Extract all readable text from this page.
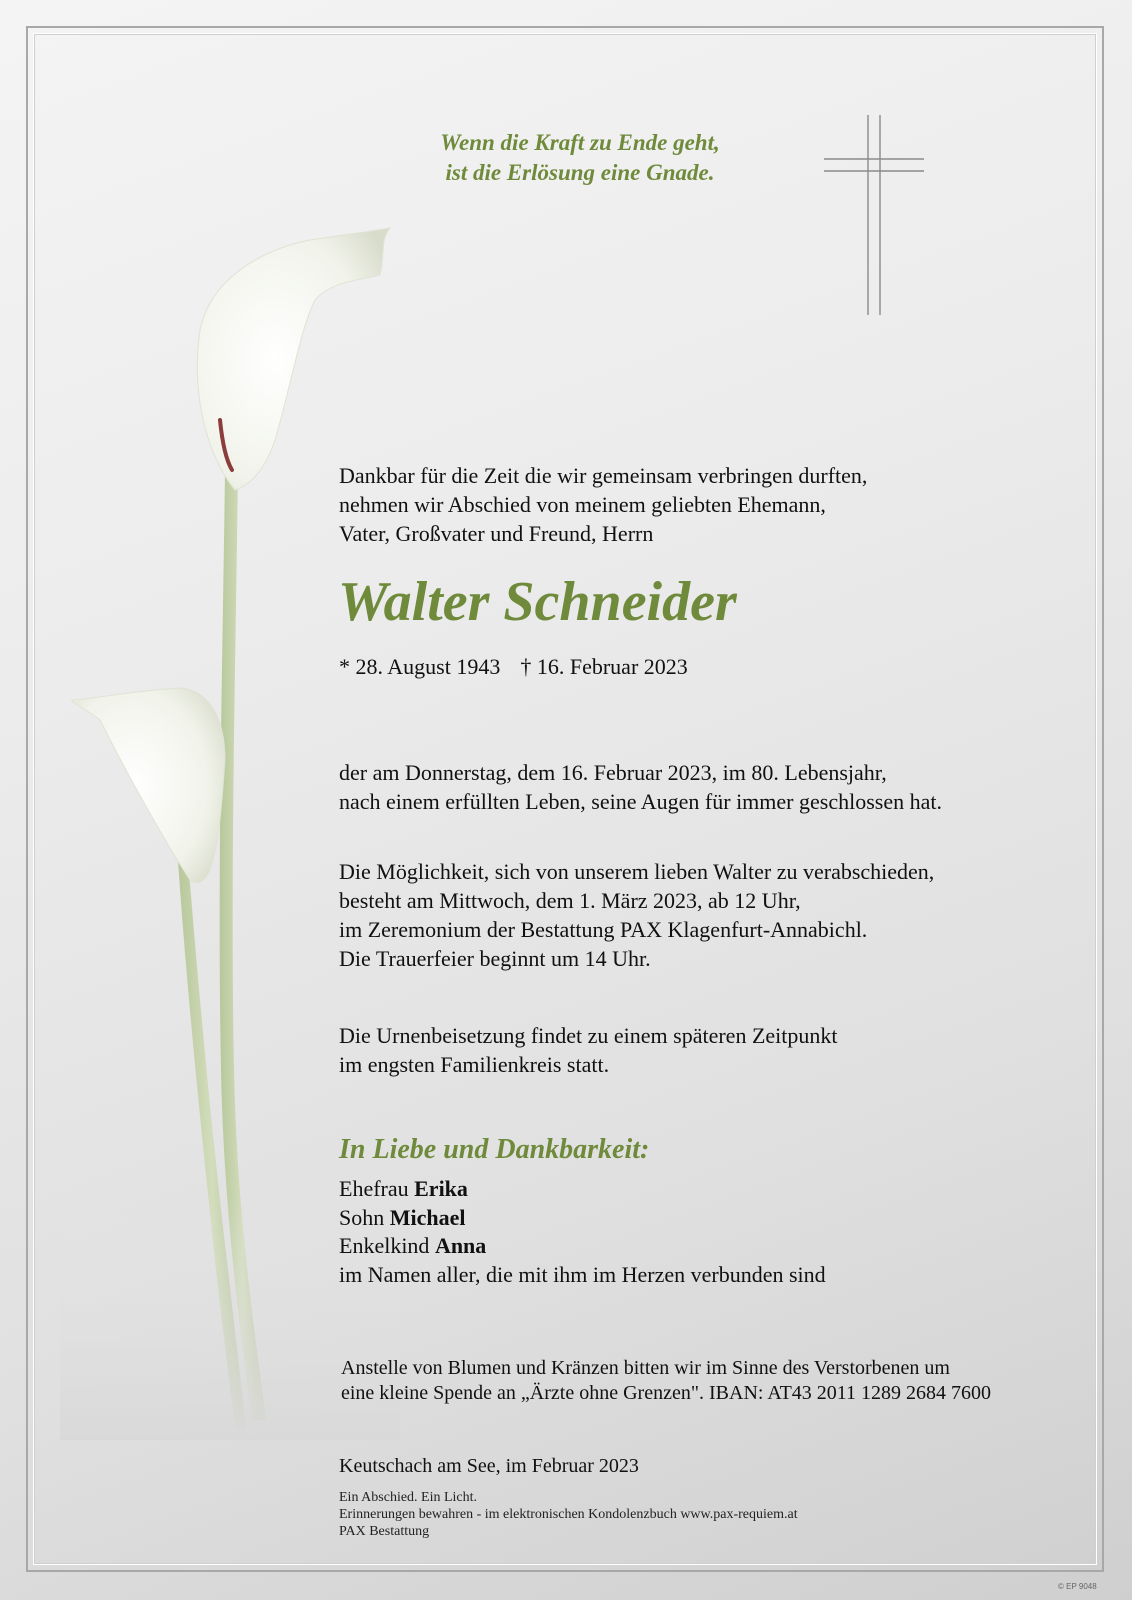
Wenn die Kraft zu Ende geht,
ist die Erlösung eine Gnade.
Dankbar für die Zeit die wir gemeinsam verbringen durften,
nehmen wir Abschied von meinem geliebten Ehemann,
Vater, Großvater und Freund, Herrn
Walter Schneider
* 28. August 1943 † 16. Februar 2023
der am Donnerstag, dem 16. Februar 2023, im 80. Lebensjahr,
nach einem erfüllten Leben, seine Augen für immer geschlossen hat.
Die Möglichkeit, sich von unserem lieben Walter zu verabschieden,
besteht am Mittwoch, dem 1. März 2023, ab 12 Uhr,
im Zeremonium der Bestattung PAX Klagenfurt-Annabichl.
Die Trauerfeier beginnt um 14 Uhr.
Die Urnenbeisetzung findet zu einem späteren Zeitpunkt
im engsten Familienkreis statt.
In Liebe und Dankbarkeit:
Ehefrau Erika
Sohn Michael
Enkelkind Anna
im Namen aller, die mit ihm im Herzen verbunden sind
Anstelle von Blumen und Kränzen bitten wir im Sinne des Verstorbenen um
eine kleine Spende an „Ärzte ohne Grenzen". IBAN: AT43 2011 1289 2684 7600
Keutschach am See, im Februar 2023
Ein Abschied. Ein Licht.
Erinnerungen bewahren - im elektronischen Kondolenzbuch www.pax-requiem.at
PAX Bestattung
© EP 9048
